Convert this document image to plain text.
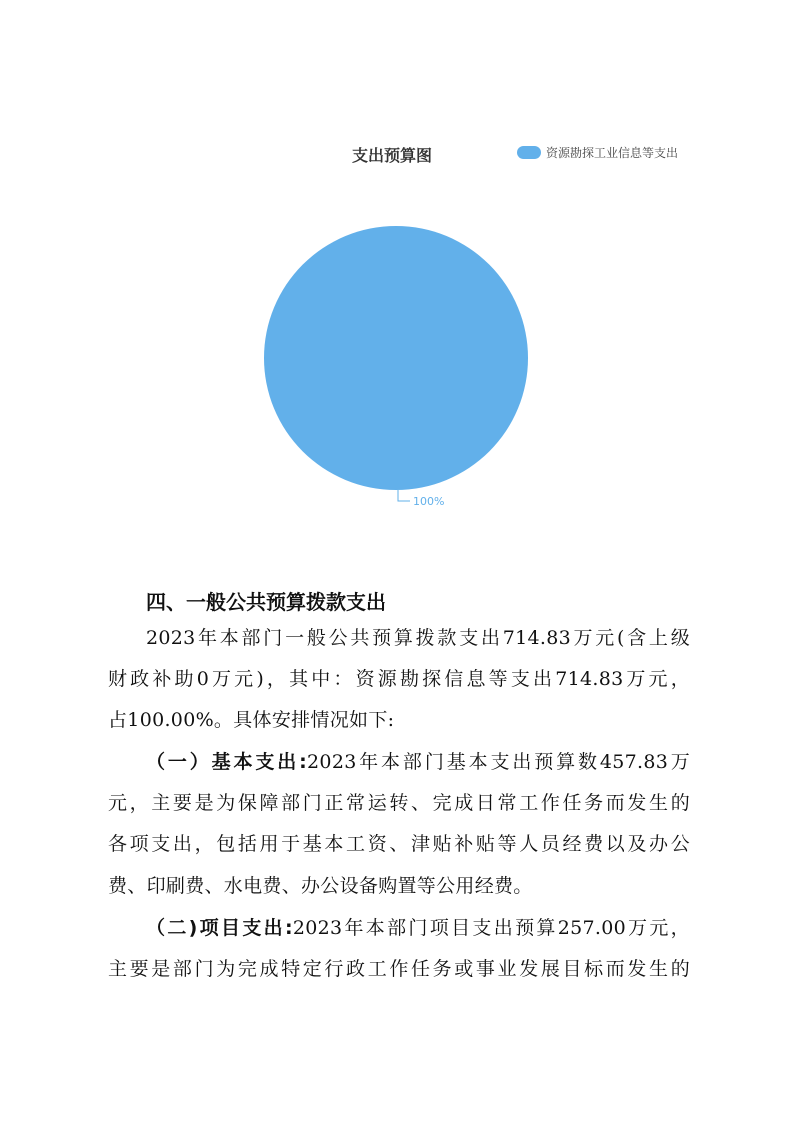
支出预算图	资源勘探工业信息等支出
100%
四、一般公共预算拨款支出
2023年本部门一般公共预算拨款支出714.83万元(含上级
财政补助0万元)，其中：资源勘探信息等支出714.83万元，
占100.00%。具体安排情况如下:
（一）基本支出:2023年本部门基本支出预算数457.83万
元，主要是为保障部门正常运转、完成日常工作任务而发生的
各项支出，包括用于基本工资、津贴补贴等人员经费以及办公
费、印刷费、水电费、办公设备购置等公用经费。
（二)项目支出:2023年本部门项目支出预算257.00万元，
主要是部门为完成特定行政工作任务或事业发展目标而发生的
